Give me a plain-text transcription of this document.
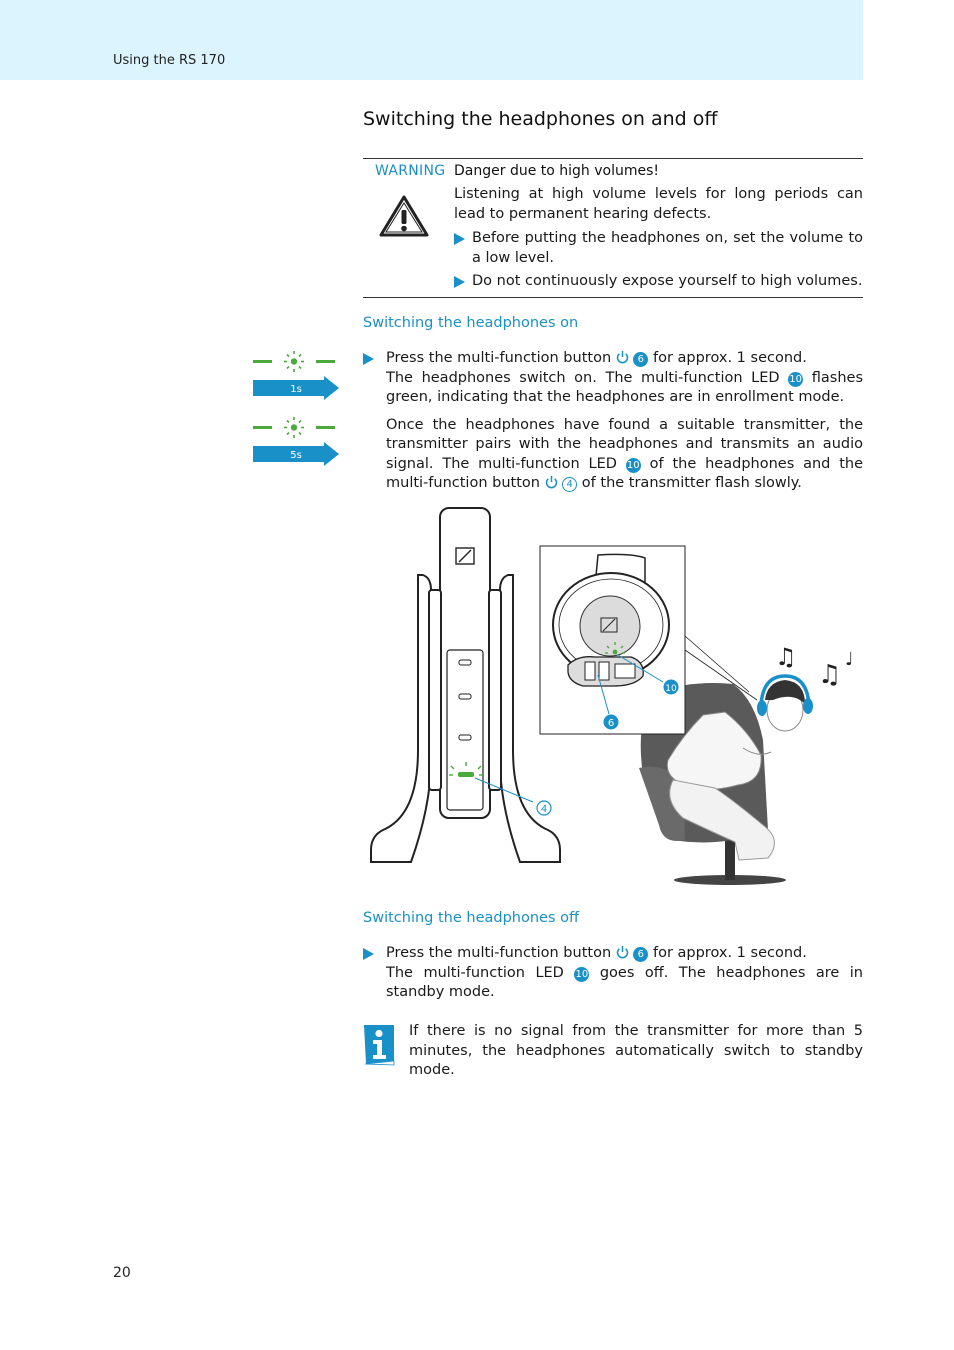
Using the RS 170
Switching the headphones on and off
WARNING Danger due to high volumes!
Listening at high volume levels for long periods can lead to permanent hearing defects.
Before putting the headphones on, set the volume to a low level.
Do not continuously expose yourself to high volumes.
Switching the headphones on
1s
5s
Press the multi-function button	6 for approx. 1 second.
The headphones switch on. The multi-function LED 10 flashes green, indicating that the headphones are in enrollment mode.
Once the headphones have found a suitable transmitter, the transmitter pairs with the headphones and transmits an audio signal. The multi-function LED 10 of the headphones and the multi-function button	4 of the transmitter flash slowly.
4
♫
♫
♩
10
6
Switching the headphones off
Press the multi-function button	6 for approx. 1 second.
The multi-function LED 10 goes off. The headphones are in standby mode.
If there is no signal from the transmitter for more than 5 minutes, the headphones automatically switch to standby mode.
20
